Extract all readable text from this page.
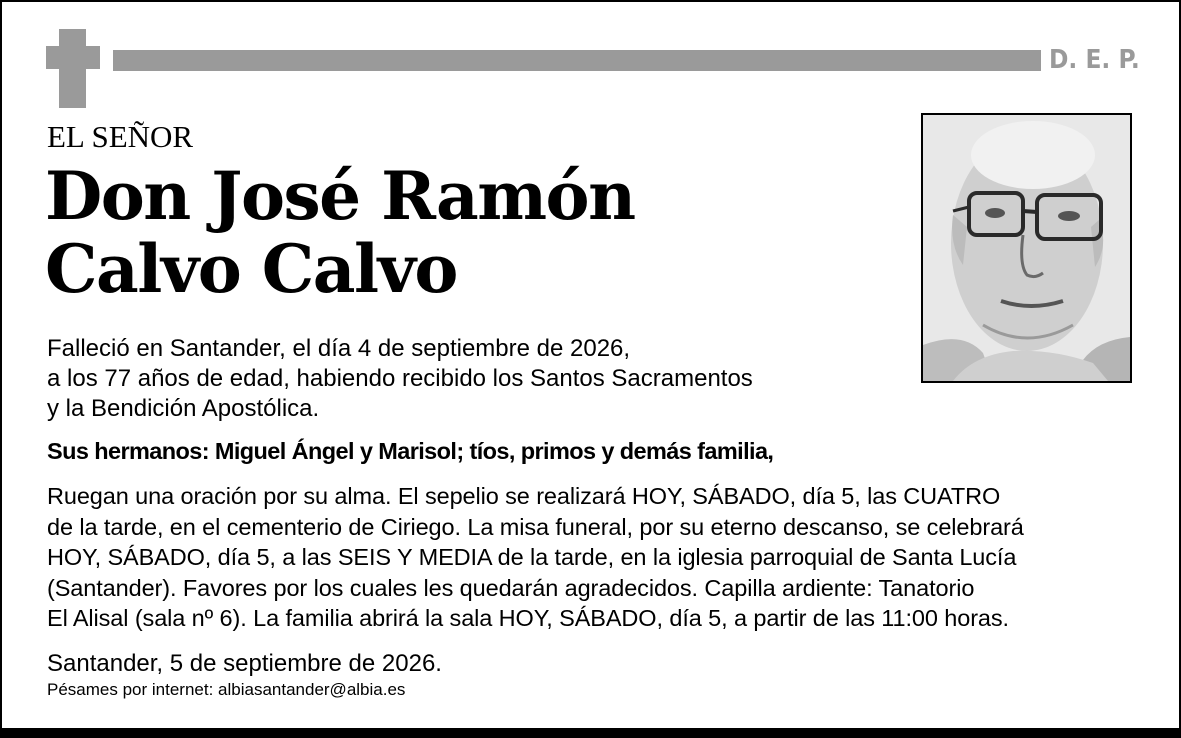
D. E. P.
EL SEÑOR
Don José Ramón
Calvo Calvo
Falleció en Santander, el día 4 de septiembre de 2026,
a los 77 años de edad, habiendo recibido los Santos Sacramentos
y la Bendición Apostólica.
Sus hermanos: Miguel Ángel y Marisol; tíos, primos y demás familia,
Ruegan una oración por su alma. El sepelio se realizará HOY, SÁBADO, día 5, las CUATRO
de la tarde, en el cementerio de Ciriego. La misa funeral, por su eterno descanso, se celebrará
HOY, SÁBADO, día 5, a las SEIS Y MEDIA de la tarde, en la iglesia parroquial de Santa Lucía
(Santander). Favores por los cuales les quedarán agradecidos. Capilla ardiente: Tanatorio
El Alisal (sala nº 6). La familia abrirá la sala HOY, SÁBADO, día 5, a partir de las 11:00 horas.
Santander, 5 de septiembre de 2026.
Pésames por internet: albiasantander@albia.es
